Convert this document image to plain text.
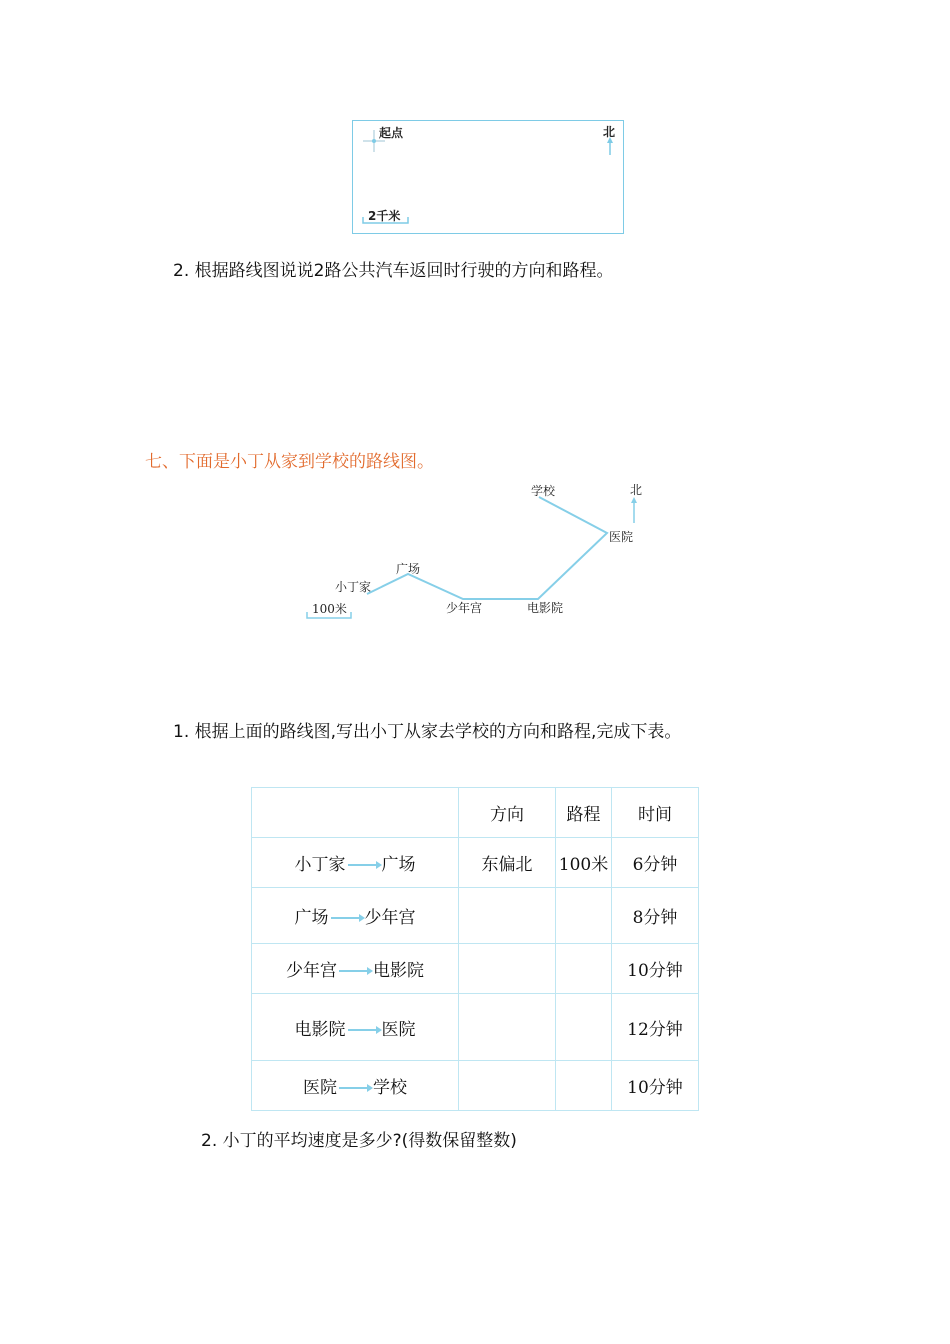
起点	北
2千米
2. 根据路线图说说2路公共汽车返回时行驶的方向和路程。
七、下面是小丁从家到学校的路线图。
学校	北
医院
广场
小丁家
100米	少年宫	电影院
1. 根据上面的路线图,写出小丁从家去学校的方向和路程,完成下表。
	方向	路程	时间
小丁家 广场	东偏北	100米	6分钟
广场 少年宫			8分钟
少年宫 电影院			10分钟
电影院 医院			12分钟
医院 学校			10分钟
2. 小丁的平均速度是多少?(得数保留整数)
